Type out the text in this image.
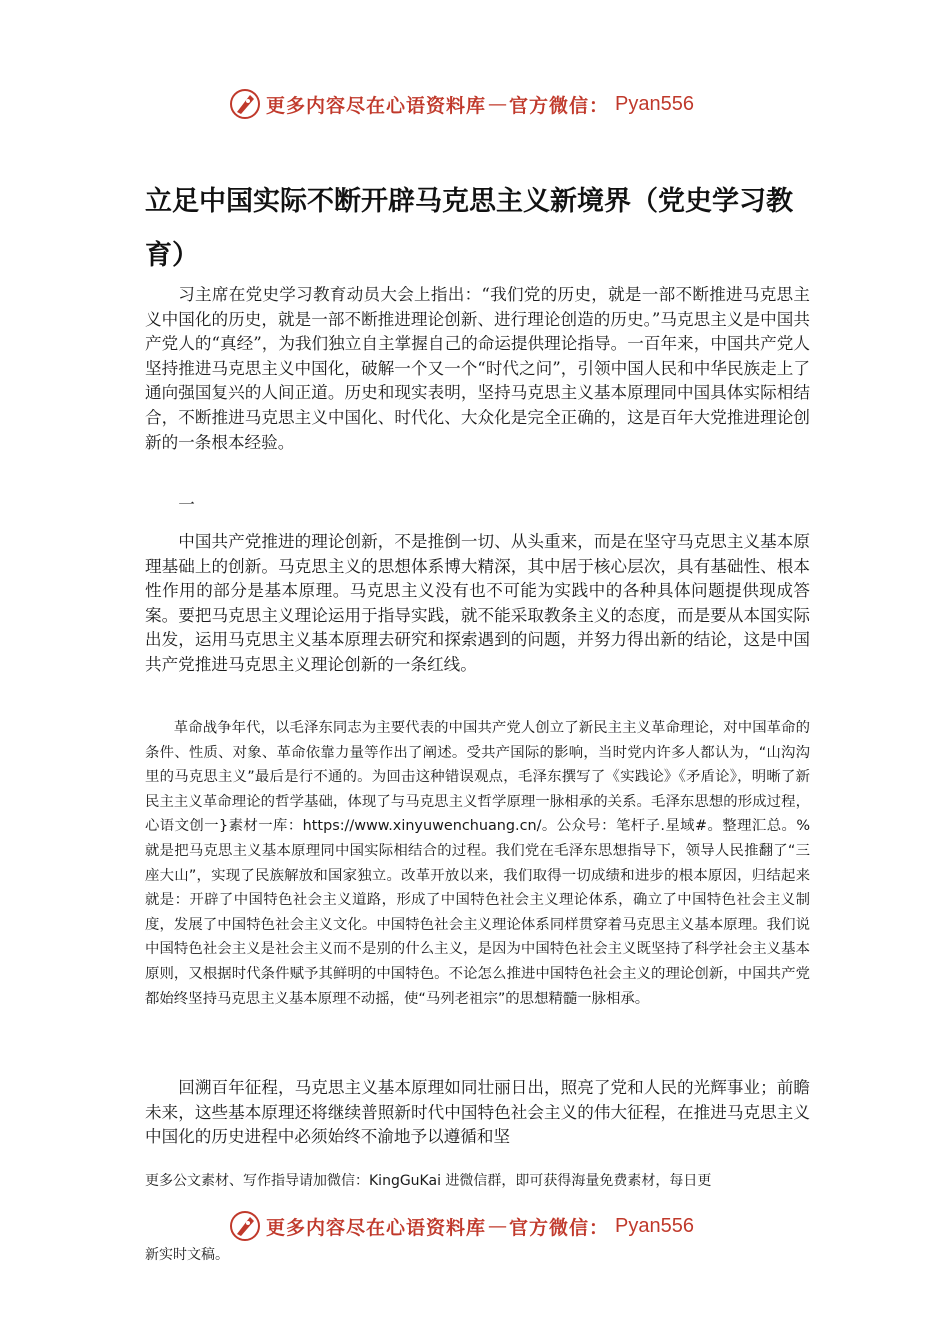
更多内容尽在心语资料库 — 官方微信： Pyan556
立足中国实际不断开辟马克思主义新境界（党史学习教育）

习主席在党史学习教育动员大会上指出：“我们党的历史，就是一部不断推进马克思主义中国化的历史，就是一部不断推进理论创新、进行理论创造的历史。”马克思主义是中国共产党人的“真经”，为我们独立自主掌握自己的命运提供理论指导。一百年来，中国共产党人坚持推进马克思主义中国化，破解一个又一个“时代之问”，引领中国人民和中华民族走上了通向强国复兴的人间正道。历史和现实表明，坚持马克思主义基本原理同中国具体实际相结合，不断推进马克思主义中国化、时代化、大众化是完全正确的，这是百年大党推进理论创新的一条根本经验。

一

中国共产党推进的理论创新，不是推倒一切、从头重来，而是在坚守马克思主义基本原理基础上的创新。马克思主义的思想体系博大精深，其中居于核心层次，具有基础性、根本性作用的部分是基本原理。马克思主义没有也不可能为实践中的各种具体问题提供现成答案。要把马克思主义理论运用于指导实践，就不能采取教条主义的态度，而是要从本国实际出发，运用马克思主义基本原理去研究和探索遇到的问题，并努力得出新的结论，这是中国共产党推进马克思主义理论创新的一条红线。

革命战争年代，以毛泽东同志为主要代表的中国共产党人创立了新民主主义革命理论，对中国革命的条件、性质、对象、革命依靠力量等作出了阐述。受共产国际的影响，当时党内许多人都认为，“山沟沟里的马克思主义”最后是行不通的。为回击这种错误观点，毛泽东撰写了《实践论》《矛盾论》，明晰了新民主主义革命理论的哲学基础，体现了与马克思主义哲学原理一脉相承的关系。毛泽东思想的形成过程，心语文创一}素材一库：https://www.xinyuwenchuang.cn/。公众号：笔杆子.星域#。整理汇总。%就是把马克思主义基本原理同中国实际相结合的过程。我们党在毛泽东思想指导下，领导人民推翻了“三座大山”，实现了民族解放和国家独立。改革开放以来，我们取得一切成绩和进步的根本原因，归结起来就是：开辟了中国特色社会主义道路，形成了中国特色社会主义理论体系，确立了中国特色社会主义制度，发展了中国特色社会主义文化。中国特色社会主义理论体系同样贯穿着马克思主义基本原理。我们说中国特色社会主义是社会主义而不是别的什么主义，是因为中国特色社会主义既坚持了科学社会主义基本原则，又根据时代条件赋予其鲜明的中国特色。不论怎么推进中国特色社会主义的理论创新，中国共产党都始终坚持马克思主义基本原理不动摇，使“马列老祖宗”的思想精髓一脉相承。

回溯百年征程，马克思主义基本原理如同壮丽日出，照亮了党和人民的光辉事业；前瞻未来，这些基本原理还将继续普照新时代中国特色社会主义的伟大征程，在推进马克思主义中国化的历史进程中必须始终不渝地予以遵循和坚

更多公文素材、写作指导请加微信：KingGuKai 进微信群，即可获得海量免费素材，每日更
更多内容尽在心语资料库 — 官方微信： Pyan556
新实时文稿。
